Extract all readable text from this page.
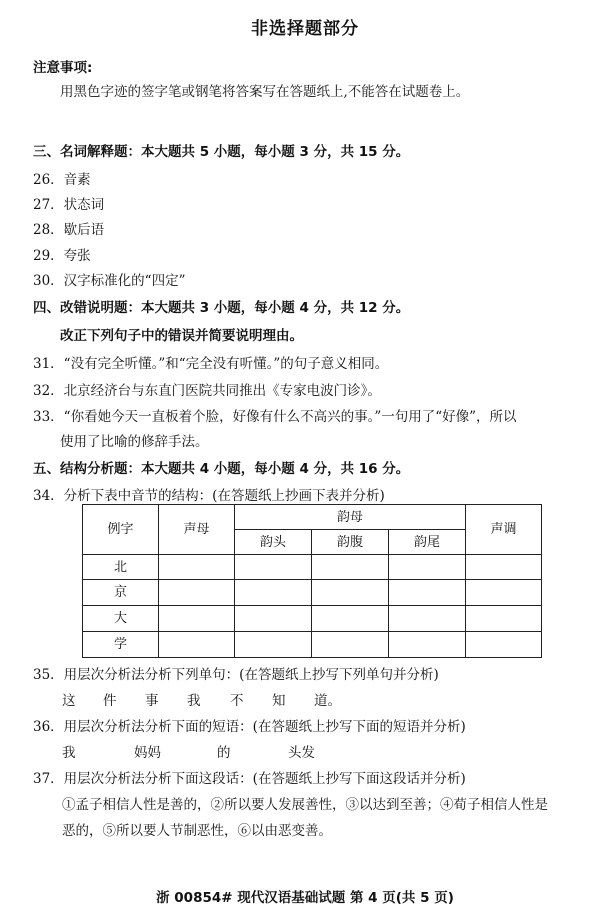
非选择题部分
注意事项:
用黑色字迹的签字笔或钢笔将答案写在答题纸上,不能答在试题卷上。
三、名词解释题：本大题共 5 小题，每小题 3 分，共 15 分。
26．音素
27．状态词
28．歇后语
29．夸张
30．汉字标准化的“四定”
四、改错说明题：本大题共 3 小题，每小题 4 分，共 12 分。
改正下列句子中的错误并简要说明理由。
31．“没有完全听懂。”和“完全没有听懂。”的句子意义相同。
32．北京经济台与东直门医院共同推出《专家电波门诊》。
33．“你看她今天一直板着个脸，好像有什么不高兴的事。”一句用了“好像”，所以
使用了比喻的修辞手法。
五、结构分析题：本大题共 4 小题，每小题 4 分，共 16 分。
34．分析下表中音节的结构：(在答题纸上抄画下表并分析)
例字	声母	韵母			声调
		韵头	韵腹	韵尾	
北					
京					
大					
学					
35．用层次分析法分析下列单句：(在答题纸上抄写下列单句并分析)
这 件 事 我 不 知 道。
36．用层次分析法分析下面的短语：(在答题纸上抄写下面的短语并分析)
我	妈妈	的	头发
37．用层次分析法分析下面这段话：(在答题纸上抄写下面这段话并分析)
①孟子相信人性是善的，②所以要人发展善性，③以达到至善；④荀子相信人性是
恶的，⑤所以要人节制恶性，⑥以由恶变善。
浙 00854# 现代汉语基础试题 第 4 页(共 5 页)
